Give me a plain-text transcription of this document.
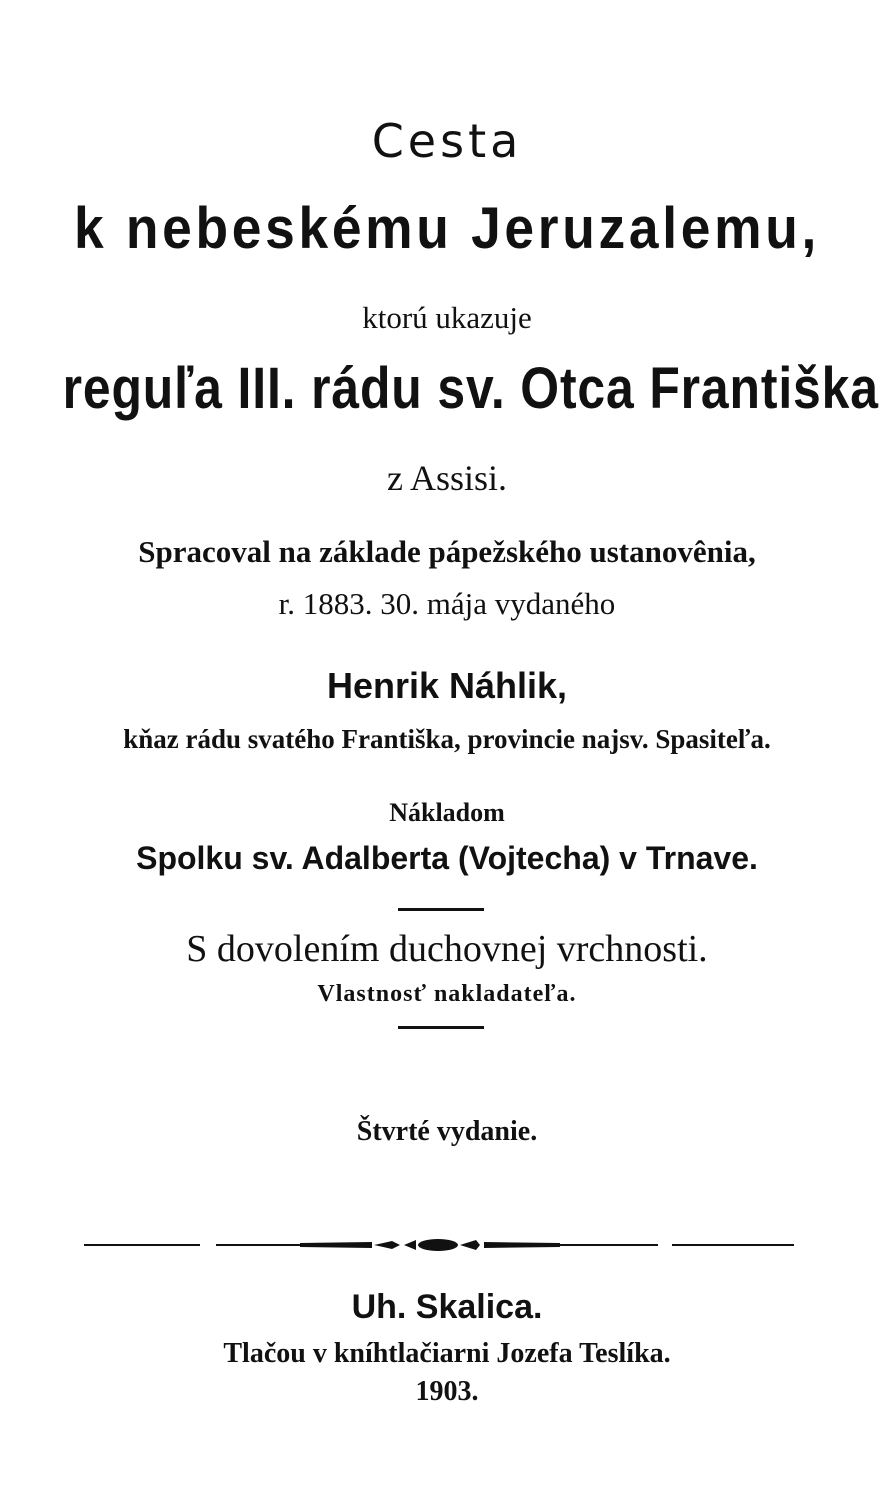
Cesta
k nebeskému Jeruzalemu,
ktorú ukazuje
reguľa III. rádu sv. Otca Františka
z Assisi.
Spracoval na základe pápežského ustanovênia,
r. 1883. 30. mája vydaného
Henrik Náhlik,
kňaz rádu svatého Františka, provincie najsv. Spasiteľa.
Nákladom
Spolku sv. Adalberta (Vojtecha) v Trnave.
S dovolením duchovnej vrchnosti.
Vlastnosť nakladateľa.
Štvrté vydanie.
Uh. Skalica.
Tlačou v kníhtlačiarni Jozefa Teslíka.
1903.
